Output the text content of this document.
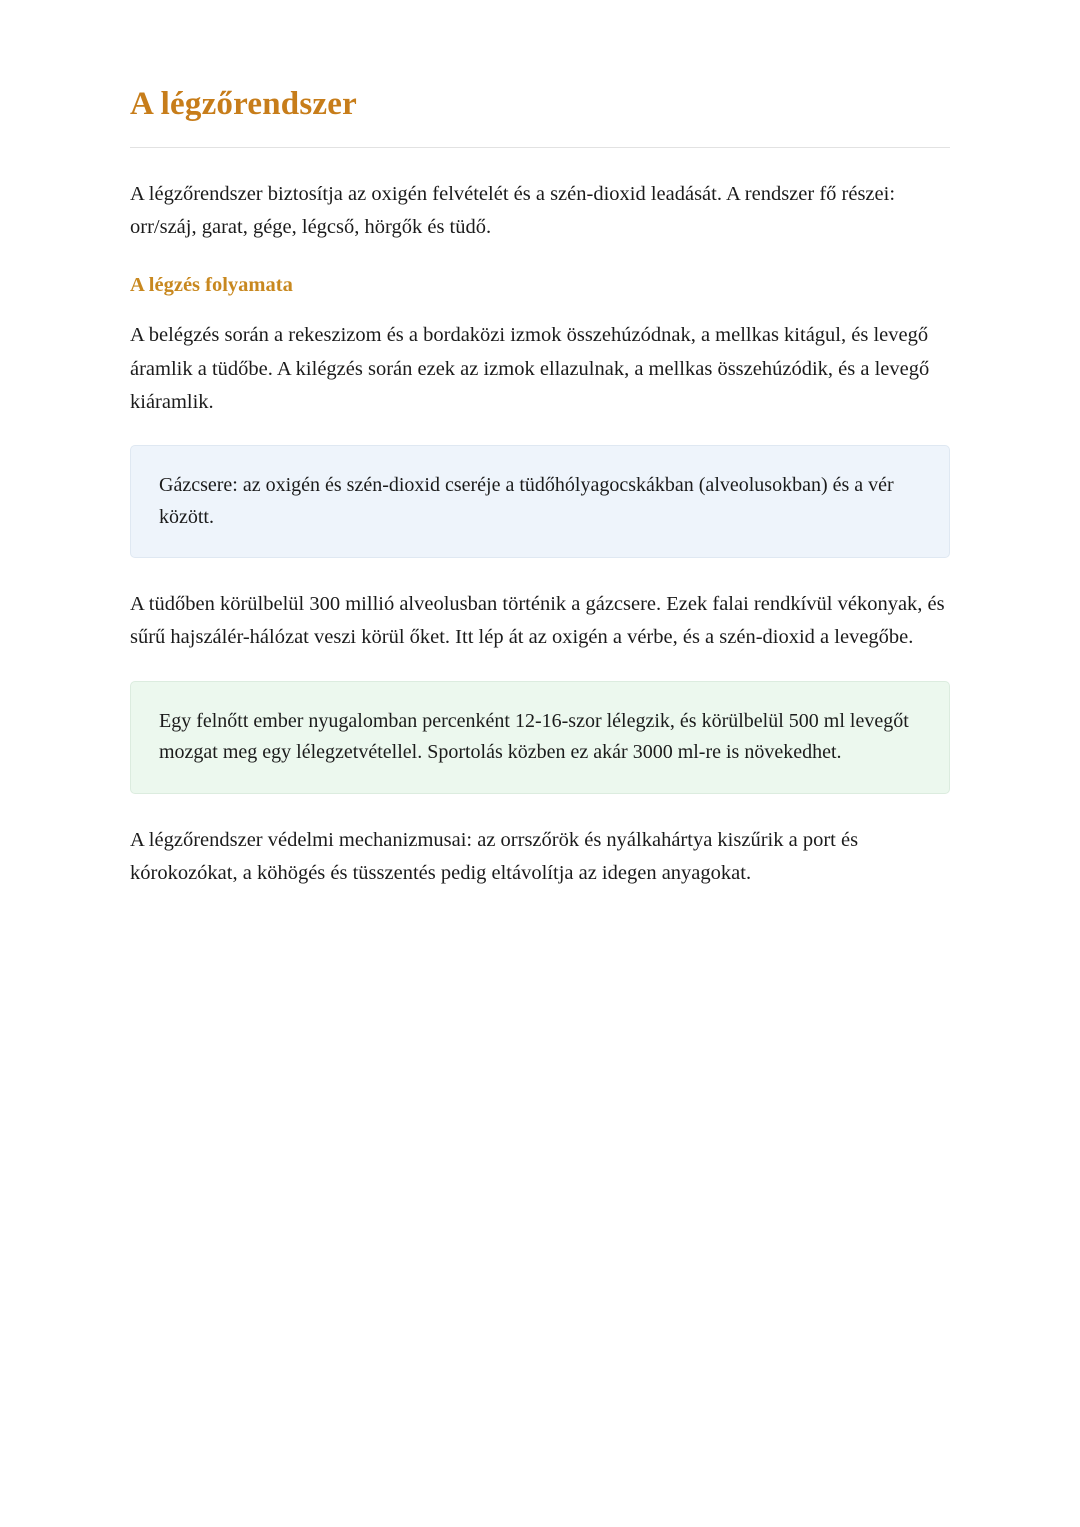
A légzőrendszer

A légzőrendszer biztosítja az oxigén felvételét és a szén-dioxid leadását. A rendszer fő részei: orr/száj, garat, gége, légcső, hörgők és tüdő.

A légzés folyamata

A belégzés során a rekeszizom és a bordaközi izmok összehúzódnak, a mellkas kitágul, és levegő áramlik a tüdőbe. A kilégzés során ezek az izmok ellazulnak, a mellkas összehúzódik, és a levegő kiáramlik.

Gázcsere: az oxigén és szén-dioxid cseréje a tüdőhólyagocskákban (alveolusokban) és a vér között.

A tüdőben körülbelül 300 millió alveolusban történik a gázcsere. Ezek falai rendkívül vékonyak, és sűrű hajszálér-hálózat veszi körül őket. Itt lép át az oxigén a vérbe, és a szén-dioxid a levegőbe.

Egy felnőtt ember nyugalomban percenként 12-16-szor lélegzik, és körülbelül 500 ml levegőt mozgat meg egy lélegzetvétellel. Sportolás közben ez akár 3000 ml-re is növekedhet.

A légzőrendszer védelmi mechanizmusai: az orrszőrök és nyálkahártya kiszűrik a port és kórokozókat, a köhögés és tüsszentés pedig eltávolítja az idegen anyagokat.
